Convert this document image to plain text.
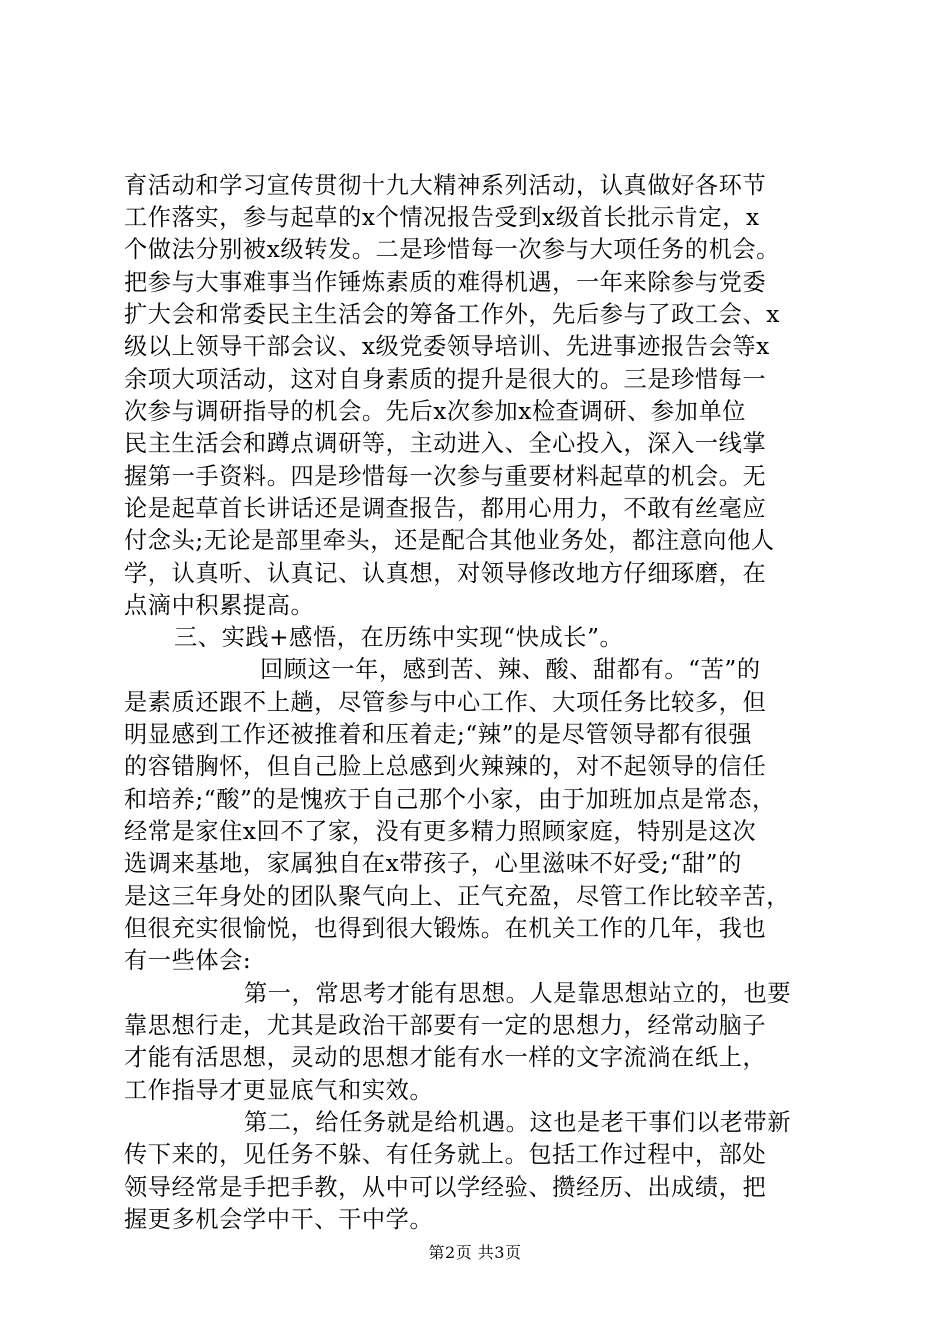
育活动和学习宣传贯彻十九大精神系列活动，认真做好各环节
工作落实，参与起草的x个情况报告受到x级首长批示肯定，x
个做法分别被x级转发。二是珍惜每一次参与大项任务的机会。
把参与大事难事当作锤炼素质的难得机遇，一年来除参与党委
扩大会和常委民主生活会的筹备工作外，先后参与了政工会、x
级以上领导干部会议、x级党委领导培训、先进事迹报告会等x
余项大项活动，这对自身素质的提升是很大的。三是珍惜每一
次参与调研指导的机会。先后x次参加x检查调研、参加单位
民主生活会和蹲点调研等，主动进入、全心投入，深入一线掌
握第一手资料。四是珍惜每一次参与重要材料起草的机会。无
论是起草首长讲话还是调查报告，都用心用力，不敢有丝毫应
付念头;无论是部里牵头，还是配合其他业务处，都注意向他人
学，认真听、认真记、认真想，对领导修改地方仔细琢磨，在
点滴中积累提高。
三、实践+感悟，在历练中实现“快成长”。
回顾这一年，感到苦、辣、酸、甜都有。“苦”的
是素质还跟不上趟，尽管参与中心工作、大项任务比较多，但
明显感到工作还被推着和压着走;“辣”的是尽管领导都有很强
的容错胸怀，但自己脸上总感到火辣辣的，对不起领导的信任
和培养;“酸”的是愧疚于自己那个小家，由于加班加点是常态，
经常是家住x回不了家，没有更多精力照顾家庭，特别是这次
选调来基地，家属独自在x带孩子，心里滋味不好受;“甜”的
是这三年身处的团队聚气向上、正气充盈，尽管工作比较辛苦，
但很充实很愉悦，也得到很大锻炼。在机关工作的几年，我也
有一些体会:
第一，常思考才能有思想。人是靠思想站立的，也要
靠思想行走，尤其是政治干部要有一定的思想力，经常动脑子
才能有活思想，灵动的思想才能有水一样的文字流淌在纸上，
工作指导才更显底气和实效。
第二，给任务就是给机遇。这也是老干事们以老带新
传下来的，见任务不躲、有任务就上。包括工作过程中，部处
领导经常是手把手教，从中可以学经验、攒经历、出成绩，把
握更多机会学中干、干中学。
第2页 共3页
